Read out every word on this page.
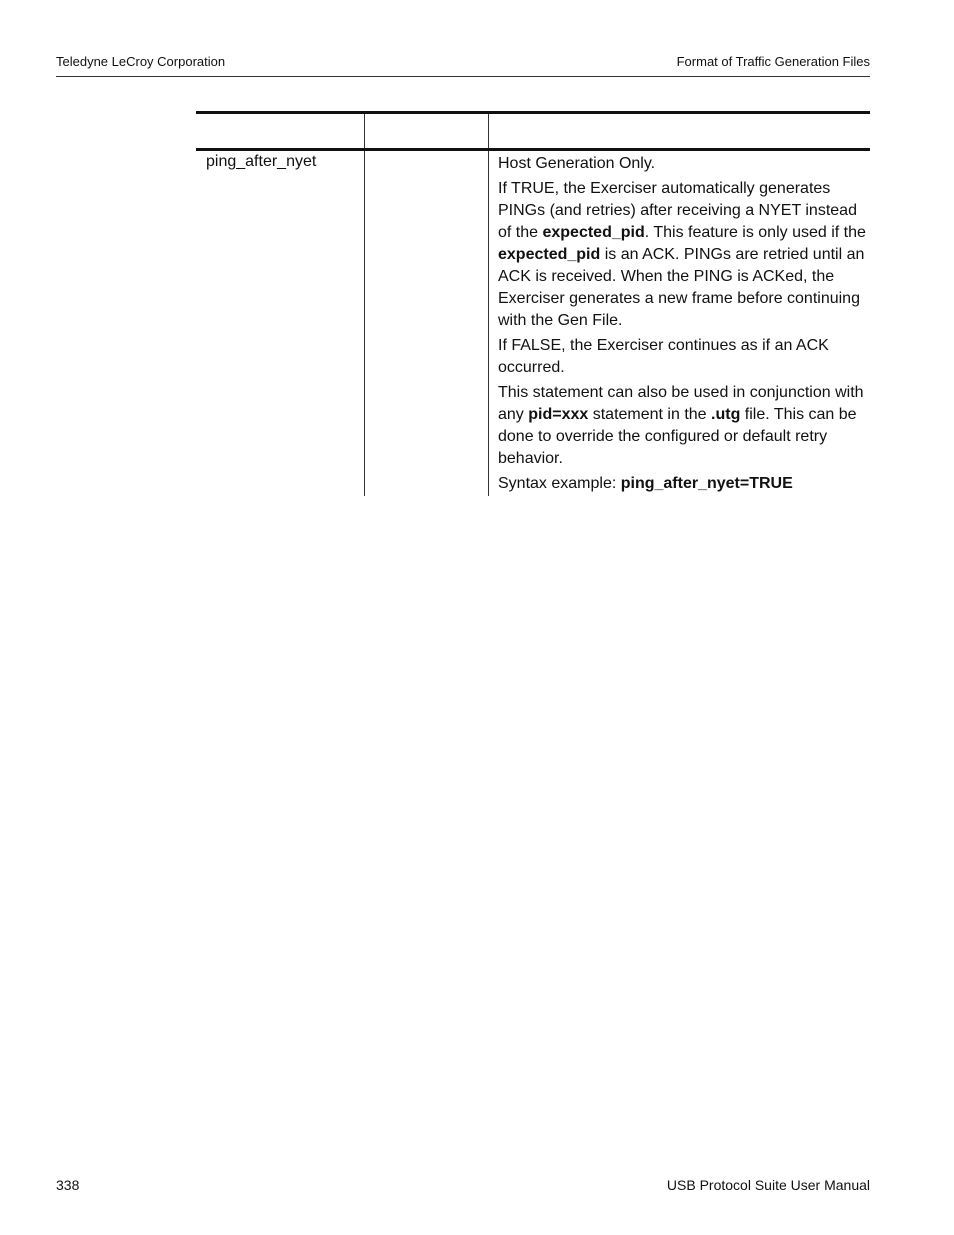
Teledyne LeCroy Corporation	Format of Traffic Generation Files
ping_after_nyet	Host Generation Only.

If TRUE, the Exerciser automatically generates PINGs (and retries) after receiving a NYET instead of the expected_pid. This feature is only used if the expected_pid is an ACK. PINGs are retried until an ACK is received. When the PING is ACKed, the Exerciser generates a new frame before continuing with the Gen File.

If FALSE, the Exerciser continues as if an ACK occurred.

This statement can also be used in conjunction with any pid=xxx statement in the .utg file. This can be done to override the configured or default retry behavior.

Syntax example: ping_after_nyet=TRUE

338	USB Protocol Suite User Manual
